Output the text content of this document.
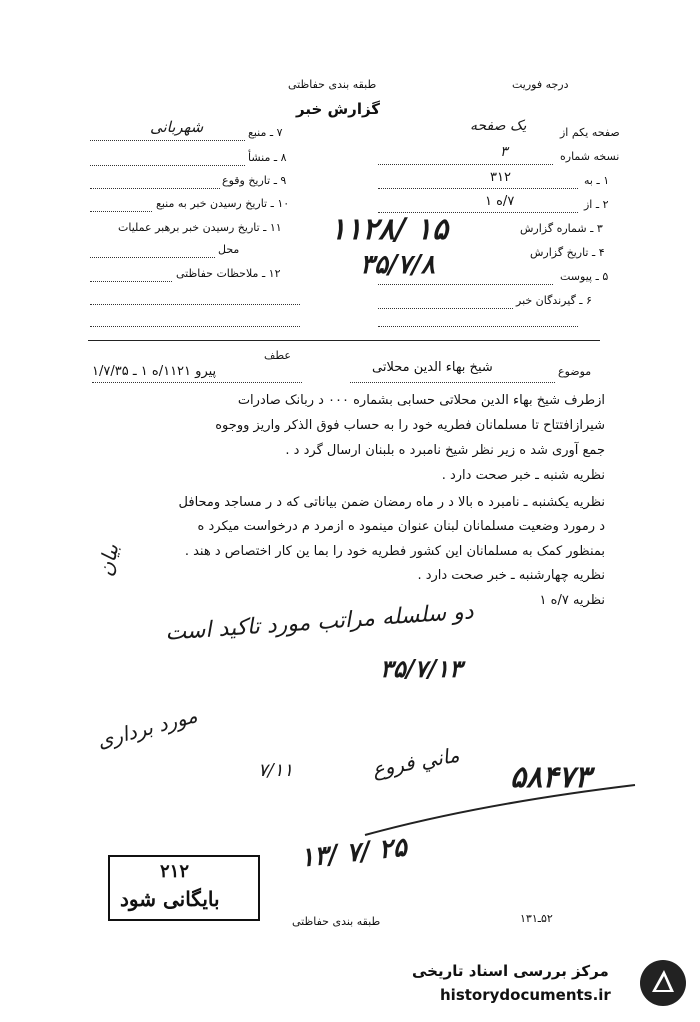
طبقه بندی حفاظتی	درجه فوریت
گزارش خبر
۷ ـ منبع
شهربانی
۸ ـ منشأ
۹ ـ تاریخ وقوع
۱۰ ـ تاریخ رسیدن خبر به منبع
۱۱ ـ تاریخ رسیدن خبر برهبر عملیات
محل
۱۲ ـ ملاحظات حفاظتی
صفحه یکم از
یک صفحه
نسخه شماره
۳
۱ ـ به
۳۱۲
۲ ـ از
۷/ه ۱
۳ ـ شماره گزارش
۱۱۲۸/ ۱۵
۴ ـ تاریخ گزارش
۳۵/۷/۸	۵ ـ پیوست
۶ ـ گیرندگان خبر
عطف
پیرو ۱۱۲۱/ه ۱ ـ ۱/۷/۳۵	موضوع
شیخ بهاء الدین محلاتی
ازطرف شیخ بهاء الدین محلاتی حسابی بشماره ۰۰۰ د ربانک صادرات
شیرازافتتاح تا مسلمانان فطریه خود را به حساب فوق الذکر واریز ووجوه
جمع آوری شد ه زیر نظر شیخ نامبرد ه بلبنان ارسال گرد د .
نظریه شنبه ـ خبر صحت دارد .
نظریه یکشنبه ـ نامبرد ه بالا د ر ماه رمضان ضمن بیاناتی که د ر مساجد ومحافل
د رمورد وضعیت مسلمانان لبنان عنوان مینمود ه ازمرد م درخواست میکرد ه
بمنظور کمک به مسلمانان این کشور فطریه خود را بما ین کار اختصاص د هند .
نظریه چهارشنبه ـ خبر صحت دارد .
نظریه ۷/ه ۱
بیان
دو سلسله مراتب مورد تاکید است
۳۵/۷/۱۳
مورد برداری
۷/۱۱	۵۸۴۷۳
ماني فروع
۱۳/ ۷/ ۲۵
۲۱۲
بایگانی شود
طبقه بندی حفاظتی	۵۲ـ۱۳۱
مرکز بررسی اسناد تاریخی
historydocuments.ir
